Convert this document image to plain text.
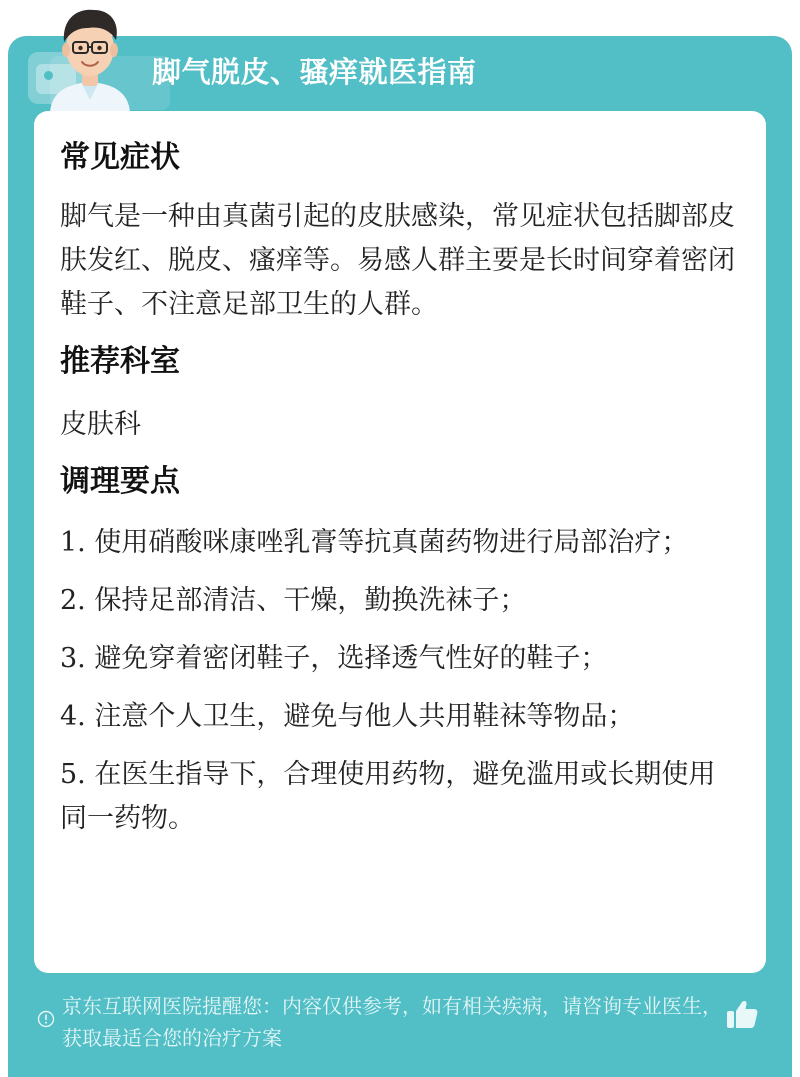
脚气脱皮、骚痒就医指南
常见症状

脚气是一种由真菌引起的皮肤感染，常见症状包括脚部皮肤发红、脱皮、瘙痒等。易感人群主要是长时间穿着密闭鞋子、不注意足部卫生的人群。

推荐科室

皮肤科

调理要点
1. 使用硝酸咪康唑乳膏等抗真菌药物进行局部治疗；
2. 保持足部清洁、干燥，勤换洗袜子；
3. 避免穿着密闭鞋子，选择透气性好的鞋子；
4. 注意个人卫生，避免与他人共用鞋袜等物品；
5. 在医生指导下，合理使用药物，避免滥用或长期使用同一药物。
京东互联网医院提醒您：内容仅供参考，如有相关疾病，请咨询专业医生，获取最适合您的治疗方案
